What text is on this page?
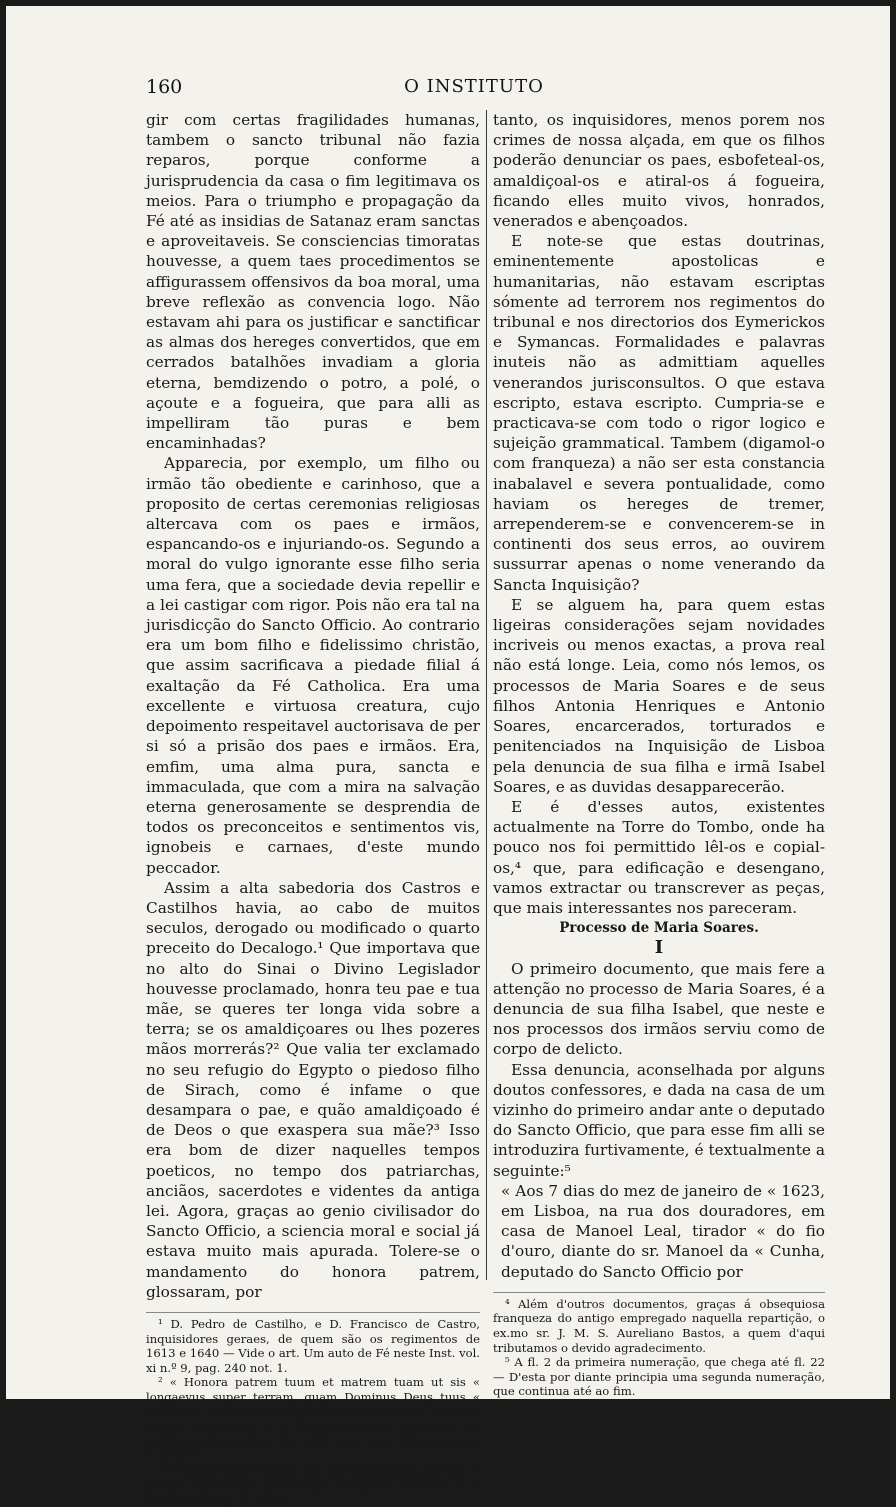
160	O INSTITUTO

gir com certas fragilidades humanas, tambem o sancto tribunal não fazia reparos, porque conforme a jurisprudencia da casa o fim legitimava os meios. Para o triumpho e propagação da Fé até as insidias de Satanaz eram sanctas e aproveitaveis. Se consciencias timoratas houvesse, a quem taes procedimentos se affigurassem offensivos da boa moral, uma breve reflexão as convencia logo. Não estavam ahi para os justificar e sanctificar as almas dos hereges convertidos, que em cerrados batalhões invadiam a gloria eterna, bemdizendo o potro, a polé, o açoute e a fogueira, que para alli as impelliram tão puras e bem encaminhadas?

Apparecia, por exemplo, um filho ou irmão tão obediente e carinhoso, que a proposito de certas ceremonias religiosas altercava com os paes e irmãos, espancando-os e injuriando-os. Segundo a moral do vulgo ignorante esse filho seria uma fera, que a sociedade devia repellir e a lei castigar com rigor. Pois não era tal na jurisdicção do Sancto Officio. Ao contrario era um bom filho e fidelissimo christão, que assim sacrificava a piedade filial á exaltação da Fé Catholica. Era uma excellente e virtuosa creatura, cujo depoimento respeitavel auctorisava de per si só a prisão dos paes e irmãos. Era, emfim, uma alma pura, sancta e immaculada, que com a mira na salvação eterna generosamente se desprendia de todos os preconceitos e sentimentos vis, ignobeis e carnaes, d'este mundo peccador.

Assim a alta sabedoria dos Castros e Castilhos havia, ao cabo de muitos seculos, derogado ou modificado o quarto preceito do Decalogo.¹ Que importava que no alto do Sinai o Divino Legislador houvesse proclamado, honra teu pae e tua mãe, se queres ter longa vida sobre a terra; se os amaldiçoares ou lhes pozeres mãos morrerás?² Que valia ter exclamado no seu refugio do Egypto o piedoso filho de Sirach, como é infame o que desampara o pae, e quão amaldiçoado é de Deos o que exaspera sua mãe?³ Isso era bom de dizer naquelles tempos poeticos, no tempo dos patriarchas, anciãos, sacerdotes e videntes da antiga lei. Agora, graças ao genio civilisador do Sancto Officio, a sciencia moral e social já estava muito mais apurada. Tolere-se o mandamento do honora patrem, glossaram, por

¹ D. Pedro de Castilho, e D. Francisco de Castro, inquisidores geraes, de quem são os regimentos de 1613 e 1640 — Vide o art. Um auto de Fé neste Inst. vol. xi n.º 9, pag. 240 not. 1.

² « Honora patrem tuum et matrem tuam ut sis « longaevus super terram, quam Dominus Deus tuus « dabit tibi. » « Qui percusserit patrem suum aut matrem, morte « moriatur. » « Qui maledixerit patri suo vel matri, morte moria- « tur. » Ex. cap. xx, v. 12 e cap. xxi, v. 15 e 17.

³ « Quam malae famae est, qui derelinquit patrem, « et est maledictus a Deo qui exasperat matrem. » « Ecclesiast. cap. 3, v. 18.

tanto, os inquisidores, menos porem nos crimes de nossa alçada, em que os filhos poderão denunciar os paes, esbofeteal-os, amaldiçoal-os e atiral-os á fogueira, ficando elles muito vivos, honrados, venerados e abençoados.

E note-se que estas doutrinas, eminentemente apostolicas e humanitarias, não estavam escriptas sómente ad terrorem nos regimentos do tribunal e nos directorios dos Eymerickos e Symancas. Formalidades e palavras inuteis não as admittiam aquelles venerandos jurisconsultos. O que estava escripto, estava escripto. Cumpria-se e practicava-se com todo o rigor logico e sujeição grammatical. Tambem (digamol-o com franqueza) a não ser esta constancia inabalavel e severa pontualidade, como haviam os hereges de tremer, arrependerem-se e convencerem-se in continenti dos seus erros, ao ouvirem sussurrar apenas o nome venerando da Sancta Inquisição?

E se alguem ha, para quem estas ligeiras considerações sejam novidades incriveis ou menos exactas, a prova real não está longe. Leia, como nós lemos, os processos de Maria Soares e de seus filhos Antonia Henriques e Antonio Soares, encarcerados, torturados e penitenciados na Inquisição de Lisboa pela denuncia de sua filha e irmã Isabel Soares, e as duvidas desapparecerão.

E é d'esses autos, existentes actualmente na Torre do Tombo, onde ha pouco nos foi permittido lêl-os e copial-os,⁴ que, para edificação e desengano, vamos extractar ou transcrever as peças, que mais interessantes nos pareceram.

Processo de Maria Soares.

I

O primeiro documento, que mais fere a attenção no processo de Maria Soares, é a denuncia de sua filha Isabel, que neste e nos processos dos irmãos serviu como de corpo de delicto.

Essa denuncia, aconselhada por alguns doutos confessores, e dada na casa de um vizinho do primeiro andar ante o deputado do Sancto Officio, que para esse fim alli se introduzira furtivamente, é textualmente a seguinte:⁵

« Aos 7 dias do mez de janeiro de « 1623, em Lisboa, na rua dos douradores, em casa de Manoel Leal, tirador « do fio d'ouro, diante do sr. Manoel da « Cunha, deputado do Sancto Officio por

⁴ Além d'outros documentos, graças á obsequiosa franqueza do antigo empregado naquella repartição, o ex.mo sr. J. M. S. Aureliano Bastos, a quem d'aqui tributamos o devido agradecimento.

⁵ A fl. 2 da primeira numeração, que chega até fl. 22 — D'esta por diante principia uma segunda numeração, que continua até ao fim.
